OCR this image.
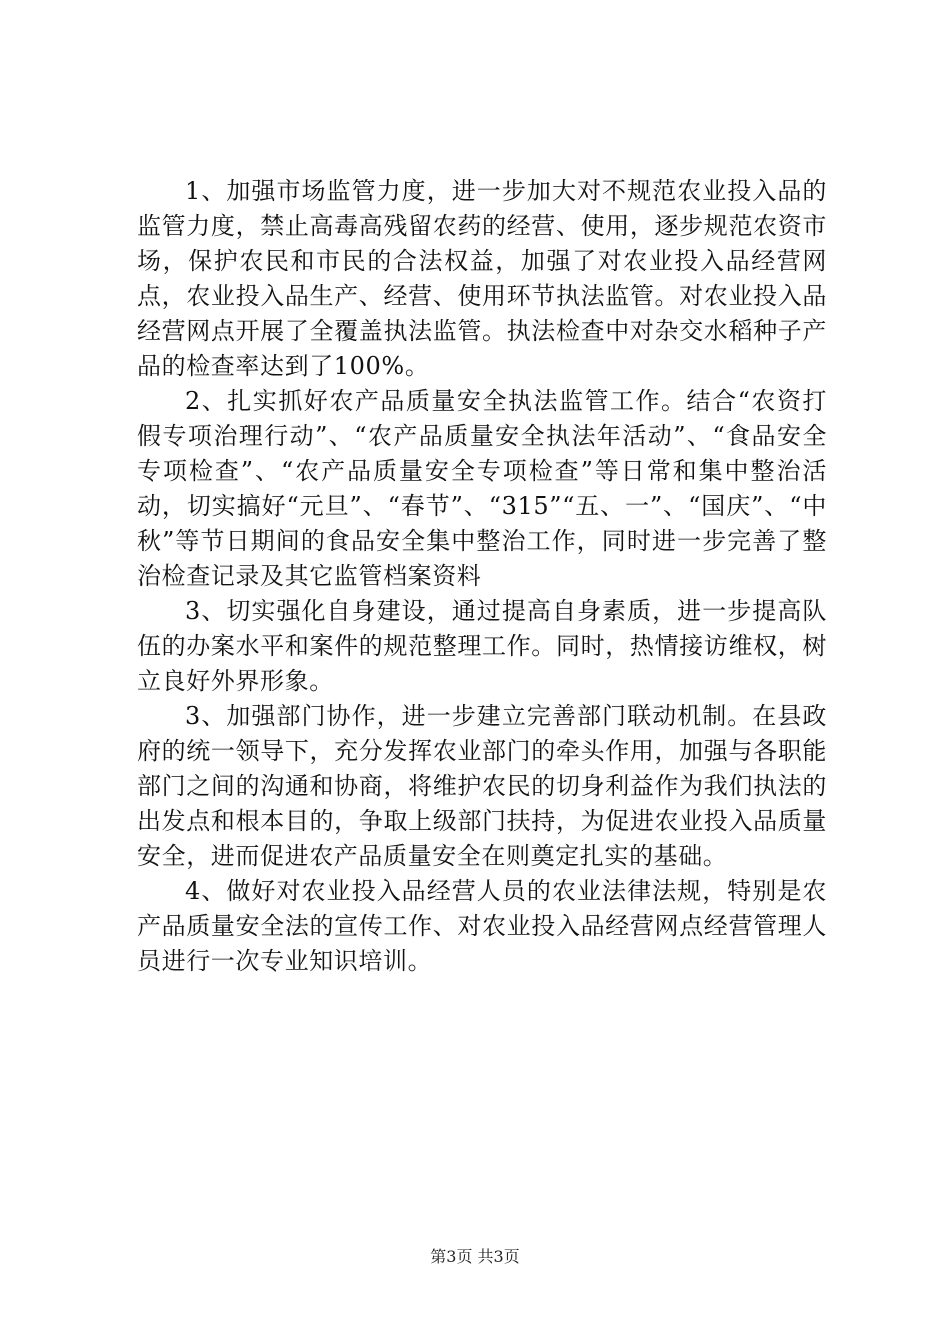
1、加强市场监管力度，进一步加大对不规范农业投入品的监管力度，禁止高毒高残留农药的经营、使用，逐步规范农资市场，保护农民和市民的合法权益，加强了对农业投入品经营网点，农业投入品生产、经营、使用环节执法监管。对农业投入品经营网点开展了全覆盖执法监管。执法检查中对杂交水稻种子产品的检查率达到了100%。

2、扎实抓好农产品质量安全执法监管工作。结合“农资打假专项治理行动”、“农产品质量安全执法年活动”、“食品安全专项检查”、“农产品质量安全专项检查”等日常和集中整治活动，切实搞好“元旦”、“春节”、“315”“五、一”、“国庆”、“中秋”等节日期间的食品安全集中整治工作，同时进一步完善了整治检查记录及其它监管档案资料

3、切实强化自身建设，通过提高自身素质，进一步提高队伍的办案水平和案件的规范整理工作。同时，热情接访维权，树立良好外界形象。

3、加强部门协作，进一步建立完善部门联动机制。在县政府的统一领导下，充分发挥农业部门的牵头作用，加强与各职能部门之间的沟通和协商，将维护农民的切身利益作为我们执法的出发点和根本目的，争取上级部门扶持，为促进农业投入品质量安全，进而促进农产品质量安全在则奠定扎实的基础。

4、做好对农业投入品经营人员的农业法律法规，特别是农产品质量安全法的宣传工作、对农业投入品经营网点经营管理人员进行一次专业知识培训。

第3页 共3页
